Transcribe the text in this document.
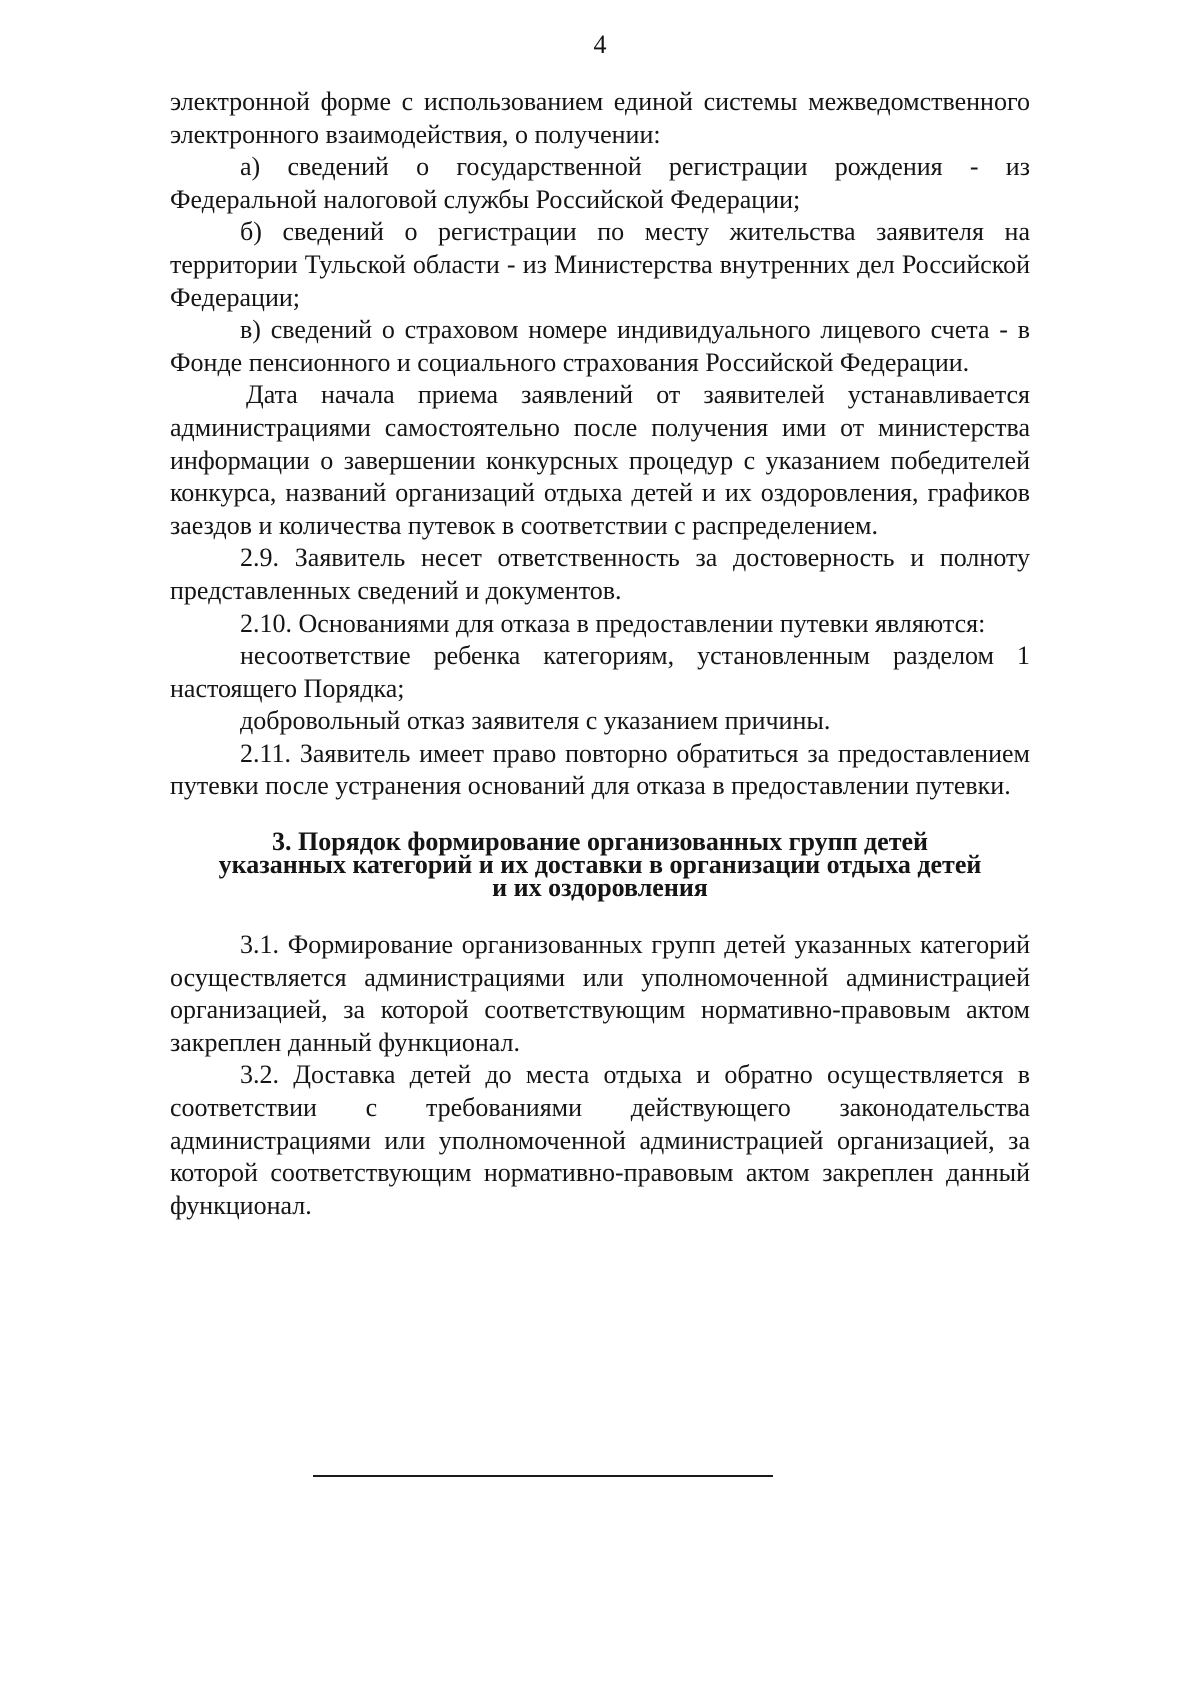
4

электронной форме с использованием единой системы межведомственного электронного взаимодействия, о получении:

а) сведений о государственной регистрации рождения - из Федеральной налоговой службы Российской Федерации;

б) сведений о регистрации по месту жительства заявителя на территории Тульской области - из Министерства внутренних дел Российской Федерации;

в) сведений о страховом номере индивидуального лицевого счета - в Фонде пенсионного и социального страхования Российской Федерации.

Дата начала приема заявлений от заявителей устанавливается администрациями самостоятельно после получения ими от министерства информации о завершении конкурсных процедур с указанием победителей конкурса, названий организаций отдыха детей и их оздоровления, графиков заездов и количества путевок в соответствии с распределением.

2.9. Заявитель несет ответственность за достоверность и полноту представленных сведений и документов.

2.10. Основаниями для отказа в предоставлении путевки являются:

несоответствие ребенка категориям, установленным разделом 1 настоящего Порядка;

добровольный отказ заявителя с указанием причины.

2.11. Заявитель имеет право повторно обратиться за предоставлением путевки после устранения оснований для отказа в предоставлении путевки.

3. Порядок формирование организованных групп детей
указанных категорий и их доставки в организации отдыха детей
и их оздоровления

3.1. Формирование организованных групп детей указанных категорий осуществляется администрациями или уполномоченной администрацией организацией, за которой соответствующим нормативно-правовым актом закреплен данный функционал.

3.2. Доставка детей до места отдыха и обратно осуществляется в соответствии с требованиями действующего законодательства администрациями или уполномоченной администрацией организацией, за которой соответствующим нормативно-правовым актом закреплен данный функционал.
